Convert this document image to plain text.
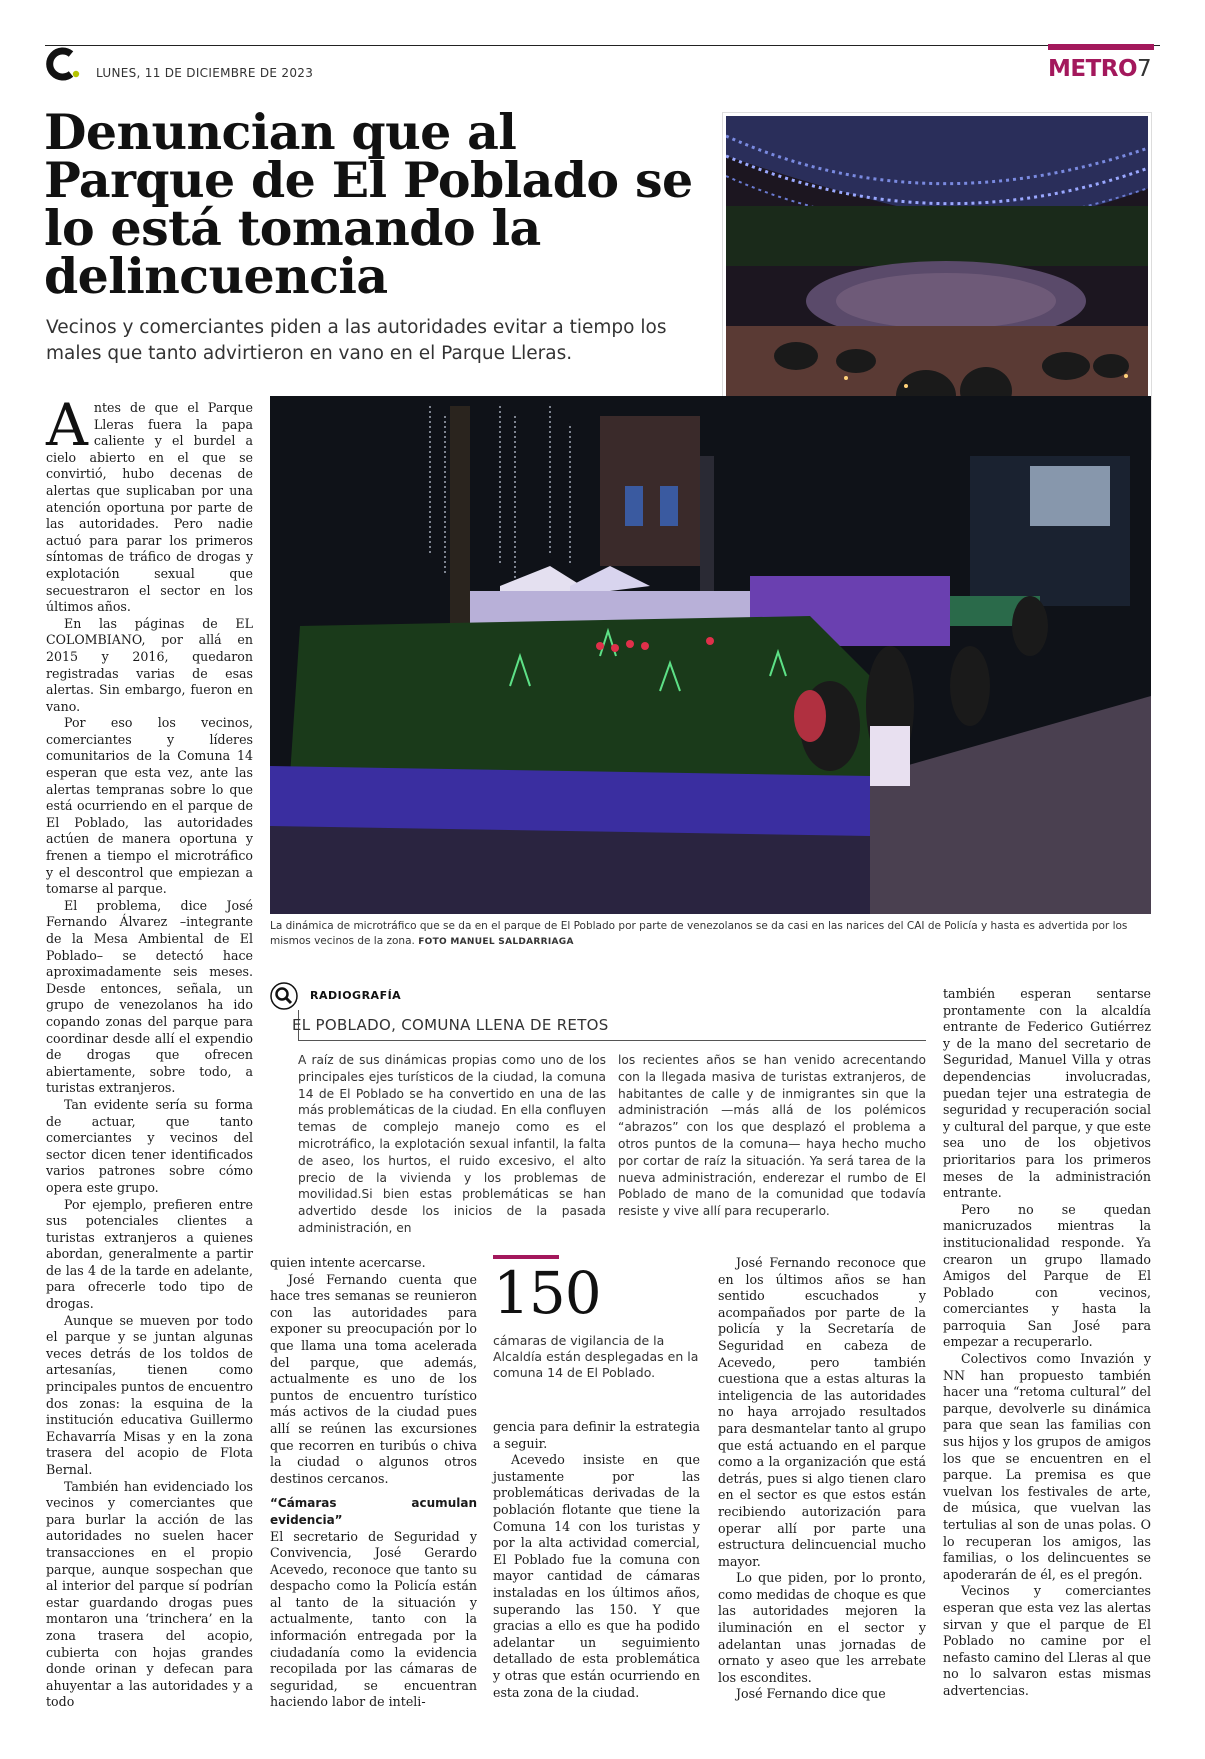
LUNES, 11 DE DICIEMBRE DE 2023	METRO 7
Denuncian que al Parque de El Poblado se lo está tomando la delincuencia

Vecinos y comerciantes piden a las autoridades evitar a tiempo los males que tanto advirtieron en vano en el Parque Lleras.

La dinámica de microtráfico que se da en el parque de El Poblado por parte de venezolanos se da casi en las narices del CAI de Policía y hasta es advertida por los mismos vecinos de la zona. FOTO MANUEL SALDARRIAGA

Antes de que el Parque Lleras fuera la papa caliente y el burdel a cielo abierto en el que se convirtió, hubo decenas de alertas que suplicaban por una atención oportuna por parte de las autoridades. Pero nadie actuó para parar los primeros síntomas de tráfico de drogas y explotación sexual que secuestraron el sector en los últimos años.

En las páginas de EL COLOMBIANO, por allá en 2015 y 2016, quedaron registradas varias de esas alertas. Sin embargo, fueron en vano.

Por eso los vecinos, comerciantes y líderes comunitarios de la Comuna 14 esperan que esta vez, ante las alertas tempranas sobre lo que está ocurriendo en el parque de El Poblado, las autoridades actúen de manera oportuna y frenen a tiempo el microtráfico y el descontrol que empiezan a tomarse al parque.

El problema, dice José Fernando Álvarez –integrante de la Mesa Ambiental de El Poblado– se detectó hace aproximadamente seis meses. Desde entonces, señala, un grupo de venezolanos ha ido copando zonas del parque para coordinar desde allí el expendio de drogas que ofrecen abiertamente, sobre todo, a turistas extranjeros.

Tan evidente sería su forma de actuar, que tanto comerciantes y vecinos del sector dicen tener identificados varios patrones sobre cómo opera este grupo.

Por ejemplo, prefieren entre sus potenciales clientes a turistas extranjeros a quienes abordan, generalmente a partir de las 4 de la tarde en adelante, para ofrecerle todo tipo de drogas.

Aunque se mueven por todo el parque y se juntan algunas veces detrás de los toldos de artesanías, tienen como principales puntos de encuentro dos zonas: la esquina de la institución educativa Guillermo Echavarría Misas y en la zona trasera del acopio de Flota Bernal.

También han evidenciado los vecinos y comerciantes que para burlar la acción de las autoridades no suelen hacer transacciones en el propio parque, aunque sospechan que al interior del parque sí podrían estar guardando drogas pues montaron una ‘trinchera’ en la zona trasera del acopio, cubierta con hojas grandes donde orinan y defecan para ahuyentar a las autoridades y a todo

RADIOGRAFÍA
EL POBLADO, COMUNA LLENA DE RETOS

A raíz de sus dinámicas propias como uno de los principales ejes turísticos de la ciudad, la comuna 14 de El Poblado se ha convertido en una de las más problemáticas de la ciudad. En ella confluyen temas de complejo manejo como es el microtráfico, la explotación sexual infantil, la falta de aseo, los hurtos, el ruido excesivo, el alto precio de la vivienda y los problemas de movilidad.Si bien estas problemáticas se han advertido desde los inicios de la pasada administración, en

los recientes años se han venido acrecentando con la llegada masiva de turistas extranjeros, de habitantes de calle y de inmigrantes sin que la administración —más allá de los polémicos “abrazos” con los que desplazó el problema a otros puntos de la comuna— haya hecho mucho por cortar de raíz la situación. Ya será tarea de la nueva administración, enderezar el rumbo de El Poblado de mano de la comunidad que todavía resiste y vive allí para recuperarlo.

quien intente acercarse.

José Fernando cuenta que hace tres semanas se reunieron con las autoridades para exponer su preocupación por lo que llama una toma acelerada del parque, que además, actualmente es uno de los puntos de encuentro turístico más activos de la ciudad pues allí se reúnen las excursiones que recorren en turibús o chiva la ciudad o algunos otros destinos cercanos.

“Cámaras acumulan evidencia”

El secretario de Seguridad y Convivencia, José Gerardo Acevedo, reconoce que tanto su despacho como la Policía están al tanto de la situación y actualmente, tanto con la información entregada por la ciudadanía como la evidencia recopilada por las cámaras de seguridad, se encuentran haciendo labor de inteli-

150

cámaras de vigilancia de la Alcaldía están desplegadas en la comuna 14 de El Poblado.

gencia para definir la estrategia a seguir.

Acevedo insiste en que justamente por las problemáticas derivadas de la población flotante que tiene la Comuna 14 con los turistas y por la alta actividad comercial, El Poblado fue la comuna con mayor cantidad de cámaras instaladas en los últimos años, superando las 150. Y que gracias a ello es que ha podido adelantar un seguimiento detallado de esta problemática y otras que están ocurriendo en esta zona de la ciudad.

José Fernando reconoce que en los últimos años se han sentido escuchados y acompañados por parte de la policía y la Secretaría de Seguridad en cabeza de Acevedo, pero también cuestiona que a estas alturas la inteligencia de las autoridades no haya arrojado resultados para desmantelar tanto al grupo que está actuando en el parque como a la organización que está detrás, pues si algo tienen claro en el sector es que estos están recibiendo autorización para operar allí por parte una estructura delincuencial mucho mayor.

Lo que piden, por lo pronto, como medidas de choque es que las autoridades mejoren la iluminación en el sector y adelantan unas jornadas de ornato y aseo que les arrebate los escondites.

José Fernando dice que

también esperan sentarse prontamente con la alcaldía entrante de Federico Gutiérrez y de la mano del secretario de Seguridad, Manuel Villa y otras dependencias involucradas, puedan tejer una estrategia de seguridad y recuperación social y cultural del parque, y que este sea uno de los objetivos prioritarios para los primeros meses de la administración entrante.

Pero no se quedan manicruzados mientras la institucionalidad responde. Ya crearon un grupo llamado Amigos del Parque de El Poblado con vecinos, comerciantes y hasta la parroquia San José para empezar a recuperarlo.

Colectivos como Invazión y NN han propuesto también hacer una “retoma cultural” del parque, devolverle su dinámica para que sean las familias con sus hijos y los grupos de amigos los que se encuentren en el parque. La premisa es que vuelvan los festivales de arte, de música, que vuelvan las tertulias al son de unas polas. O lo recuperan los amigos, las familias, o los delincuentes se apoderarán de él, es el pregón.

Vecinos y comerciantes esperan que esta vez las alertas sirvan y que el parque de El Poblado no camine por el nefasto camino del Lleras al que no lo salvaron estas mismas advertencias.
